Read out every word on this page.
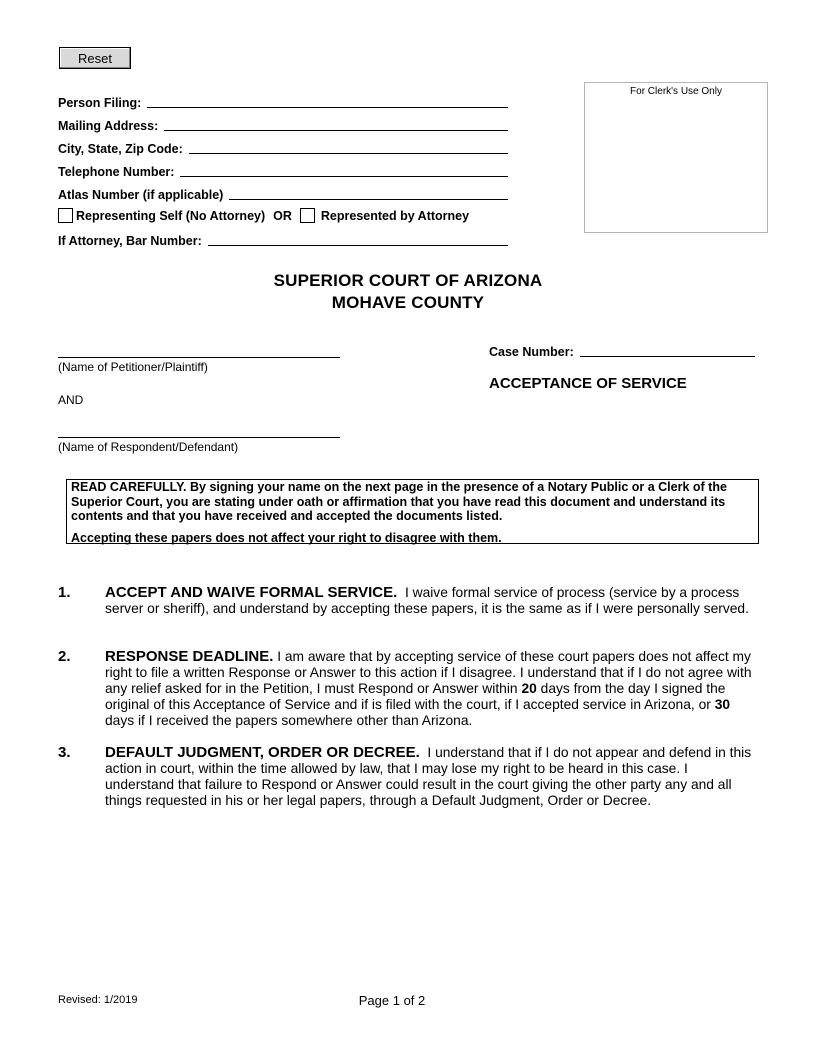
Reset
Person Filing:
Mailing Address:
City, State, Zip Code:
Telephone Number:
Atlas Number (if applicable)
Representing Self (No Attorney) OR Represented by Attorney
If Attorney, Bar Number:
For Clerk's Use Only
SUPERIOR COURT OF ARIZONA
MOHAVE COUNTY
(Name of Petitioner/Plaintiff)
AND
(Name of Respondent/Defendant)
Case Number:
ACCEPTANCE OF SERVICE

READ CAREFULLY. By signing your name on the next page in the presence of a Notary Public or a Clerk of the Superior Court, you are stating under oath or affirmation that you have read this document and understand its contents and that you have received and accepted the documents listed.

Accepting these papers does not affect your right to disagree with them.

1.	ACCEPT AND WAIVE FORMAL SERVICE. I waive formal service of process (service by a process server or sheriff), and understand by accepting these papers, it is the same as if I were personally served.
2.	RESPONSE DEADLINE. I am aware that by accepting service of these court papers does not affect my right to file a written Response or Answer to this action if I disagree. I understand that if I do not agree with any relief asked for in the Petition, I must Respond or Answer within 20 days from the day I signed the original of this Acceptance of Service and if is filed with the court, if I accepted service in Arizona, or 30 days if I received the papers somewhere other than Arizona.
3.	DEFAULT JUDGMENT, ORDER OR DECREE. I understand that if I do not appear and defend in this action in court, within the time allowed by law, that I may lose my right to be heard in this case. I understand that failure to Respond or Answer could result in the court giving the other party any and all things requested in his or her legal papers, through a Default Judgment, Order or Decree.
Revised: 1/2019	Page 1 of 2
